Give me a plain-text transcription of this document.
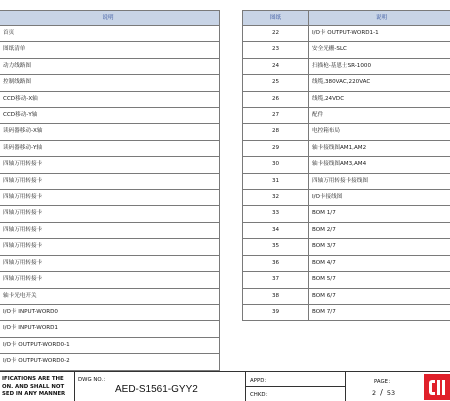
	说明
	首页
	图纸清单
	动力线路图
	控制线路图
	CCD移动-X轴
	CCD移动-Y轴
	读码器移动-X轴
	读码器移动-Y轴
	四轴万用转接卡
	四轴万用转接卡
	四轴万用转接卡
	四轴万用转接卡
	四轴万用转接卡
	四轴万用转接卡
	四轴万用转接卡
	四轴万用转接卡
	轴卡光电开关
	I/O卡 INPUT-WORD0
	I/O卡 INPUT-WORD1
	I/O卡 OUTPUT-WORD0-1
	I/O卡 OUTPUT-WORD0-2
图纸	说明
22	I/O卡 OUTPUT-WORD1-1
23	安全光栅-SLC
24	扫描枪-基恩士SR-1000
25	线缆,380VAC,220VAC
26	线缆,24VDC
27	配件
28	电控箱布局
29	轴卡接线图AM1,AM2
30	轴卡接线图AM3,AM4
31	四轴万用转接卡接线图
32	I/O卡接线图
33	BOM 1/7
34	BOM 2/7
35	BOM 3/7
36	BOM 4/7
37	BOM 5/7
38	BOM 6/7
39	BOM 7/7
IFICATIONS ARE THE
ON. AND SHALL NOT
SED IN ANY MANNER
DWG NO.：
AED-S1561-GYY2
APPD：
CHKD：
PAGE：
2 / 53
